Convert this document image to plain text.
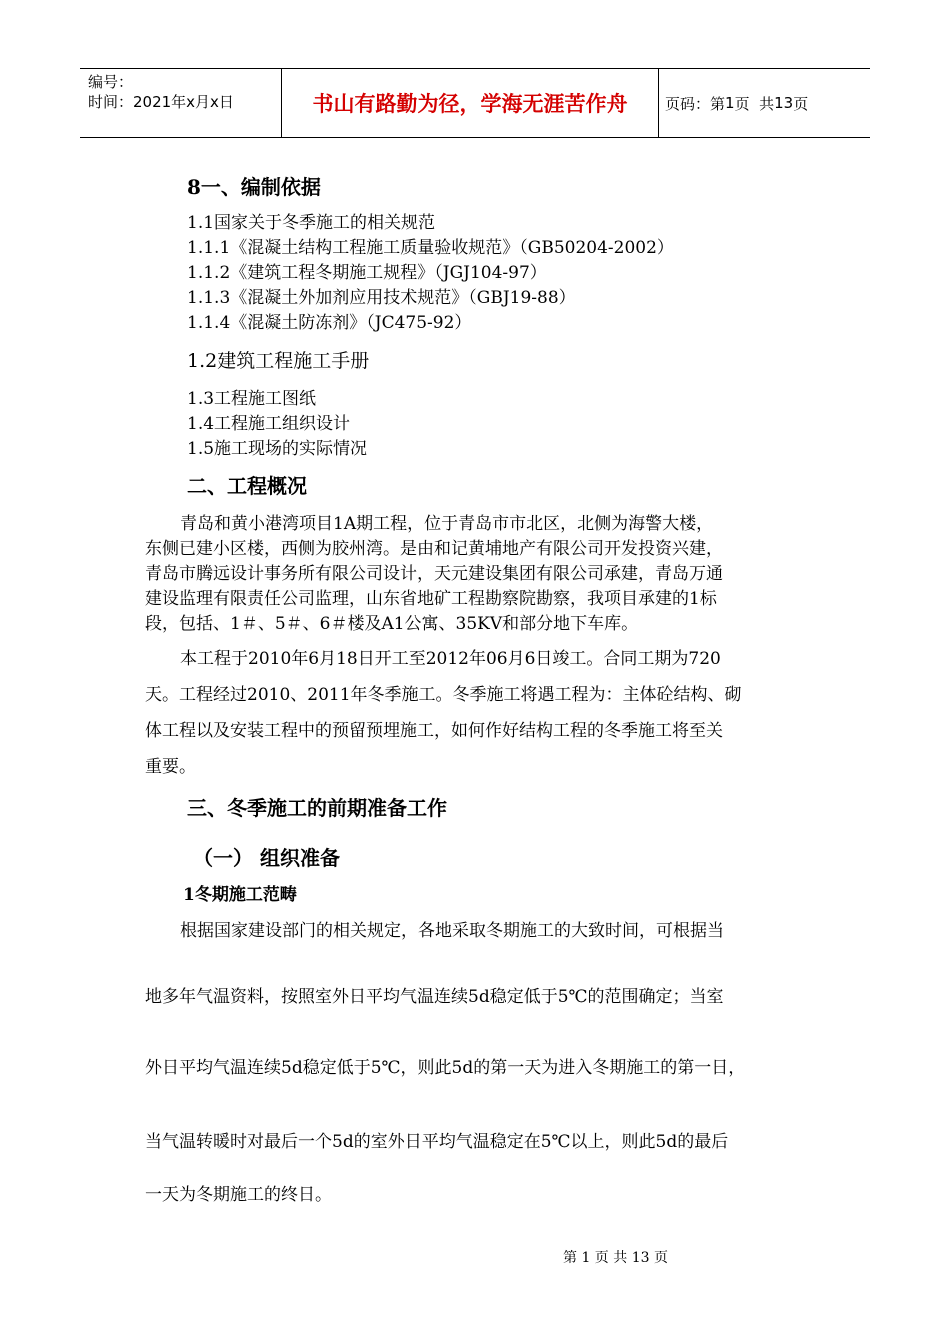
编号：
时间：2021年x月x日	书山有路勤为径，学海无涯苦作舟	页码：第 1 页  共 13 页
8一、编制依据
1.1国家关于冬季施工的相关规范
1.1.1《混凝土结构工程施工质量验收规范》（GB50204-2002）
1.1.2《建筑工程冬期施工规程》（JGJ104-97）
1.1.3《混凝土外加剂应用技术规范》（GBJ19-88）
1.1.4《混凝土防冻剂》（JC475-92）
1.2建筑工程施工手册
1.3工程施工图纸
1.4工程施工组织设计
1.5施工现场的实际情况
二、工程概况
青岛和黄小港湾项目1A期工程，位于青岛市市北区，北侧为海警大楼，
东侧已建小区楼，西侧为胶州湾。是由和记黄埔地产有限公司开发投资兴建，
青岛市腾远设计事务所有限公司设计，天元建设集团有限公司承建，青岛万通
建设监理有限责任公司监理，山东省地矿工程勘察院勘察，我项目承建的1标
段，包括、1＃、5＃、6＃楼及A1公寓、35KV和部分地下车库。
本工程于2010年6月18日开工至2012年06月6日竣工。合同工期为720
天。工程经过2010、2011年冬季施工。冬季施工将遇工程为：主体砼结构、砌
体工程以及安装工程中的预留预埋施工，如何作好结构工程的冬季施工将至关
重要。
三、冬季施工的前期准备工作
（一） 组织准备
1冬期施工范畴
根据国家建设部门的相关规定，各地采取冬期施工的大致时间，可根据当
地多年气温资料，按照室外日平均气温连续5d稳定低于5℃的范围确定；当室
外日平均气温连续5d稳定低于5℃，则此5d的第一天为进入冬期施工的第一日，
当气温转暖时对最后一个5d的室外日平均气温稳定在5℃以上，则此5d的最后
一天为冬期施工的终日。
第 1 页 共 13 页
